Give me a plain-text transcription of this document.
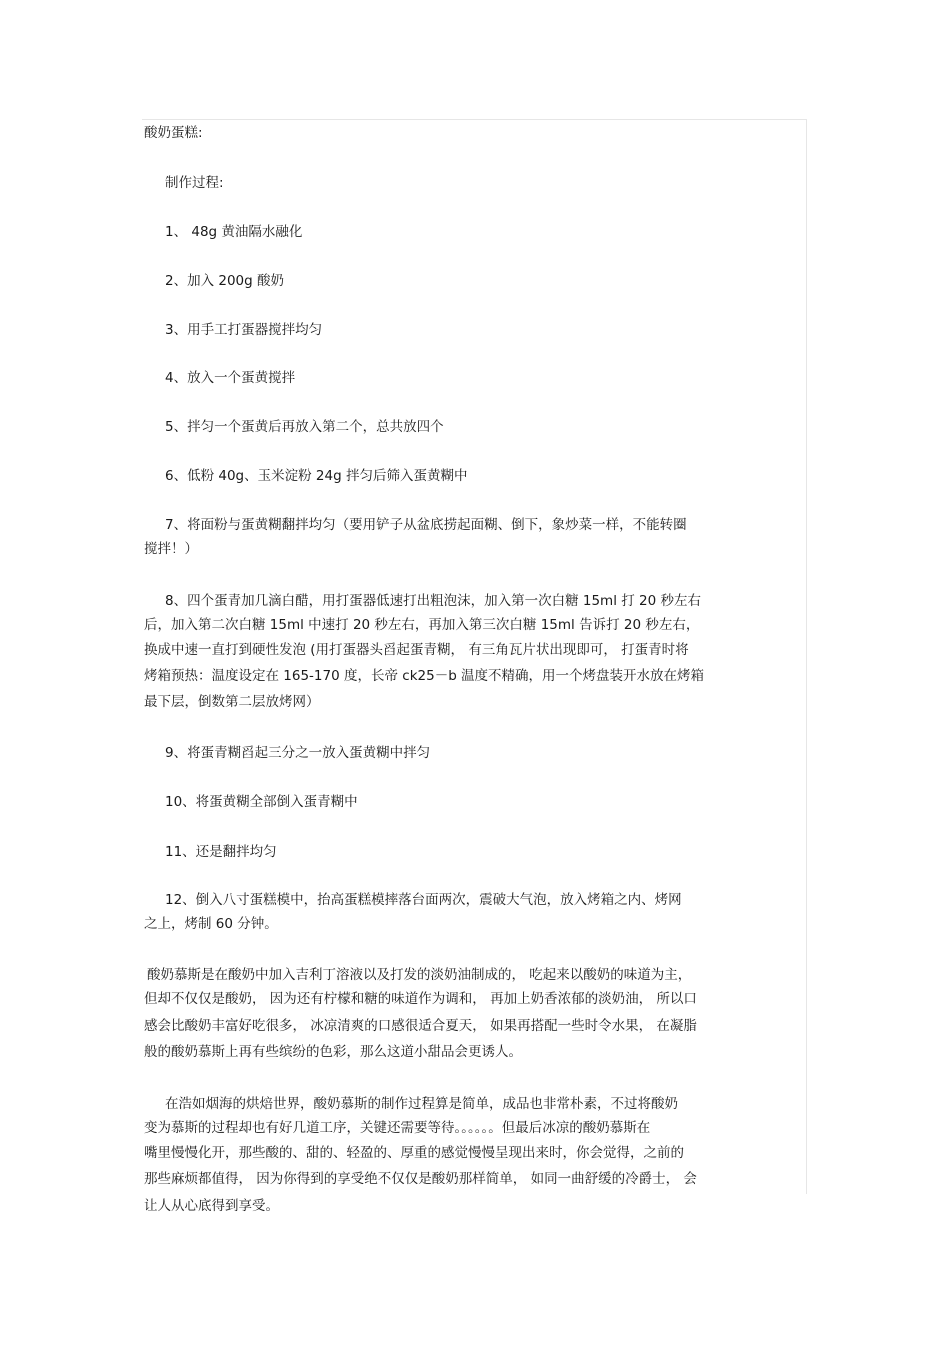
酸奶蛋糕:
制作过程:
1、 48g 黄油隔水融化
2、加入 200g 酸奶
3、用手工打蛋器搅拌均匀
4、放入一个蛋黄搅拌
5、拌匀一个蛋黄后再放入第二个，总共放四个
6、低粉 40g、玉米淀粉 24g 拌匀后筛入蛋黄糊中
7、将面粉与蛋黄糊翻拌均匀（要用铲子从盆底捞起面糊、倒下，象炒菜一样，不能转圈
搅拌！）
8、四个蛋青加几滴白醋，用打蛋器低速打出粗泡沫，加入第一次白糖 15ml 打 20 秒左右
后，加入第二次白糖 15ml 中速打 20 秒左右，再加入第三次白糖 15ml 告诉打 20 秒左右，
换成中速一直打到硬性发泡 (用打蛋器头舀起蛋青糊， 有三角瓦片状出现即可， 打蛋青时将
烤箱预热：温度设定在 165-170 度，长帝 ck25－b 温度不精确，用一个烤盘装开水放在烤箱
最下层，倒数第二层放烤网）
9、将蛋青糊舀起三分之一放入蛋黄糊中拌匀
10、将蛋黄糊全部倒入蛋青糊中
11、还是翻拌均匀
12、倒入八寸蛋糕模中，抬高蛋糕模摔落台面两次，震破大气泡，放入烤箱之内、烤网
之上，烤制 60 分钟。
酸奶慕斯是在酸奶中加入吉利丁溶液以及打发的淡奶油制成的， 吃起来以酸奶的味道为主，
但却不仅仅是酸奶， 因为还有柠檬和糖的味道作为调和， 再加上奶香浓郁的淡奶油， 所以口
感会比酸奶丰富好吃很多， 冰凉清爽的口感很适合夏天， 如果再搭配一些时令水果， 在凝脂
般的酸奶慕斯上再有些缤纷的色彩，那么这道小甜品会更诱人。
在浩如烟海的烘焙世界，酸奶慕斯的制作过程算是简单，成品也非常朴素，不过将酸奶
变为慕斯的过程却也有好几道工序，关键还需要等待。。。。。。但最后冰凉的酸奶慕斯在
嘴里慢慢化开，那些酸的、甜的、轻盈的、厚重的感觉慢慢呈现出来时，你会觉得，之前的
那些麻烦都值得， 因为你得到的享受绝不仅仅是酸奶那样简单， 如同一曲舒缓的冷爵士， 会
让人从心底得到享受。
